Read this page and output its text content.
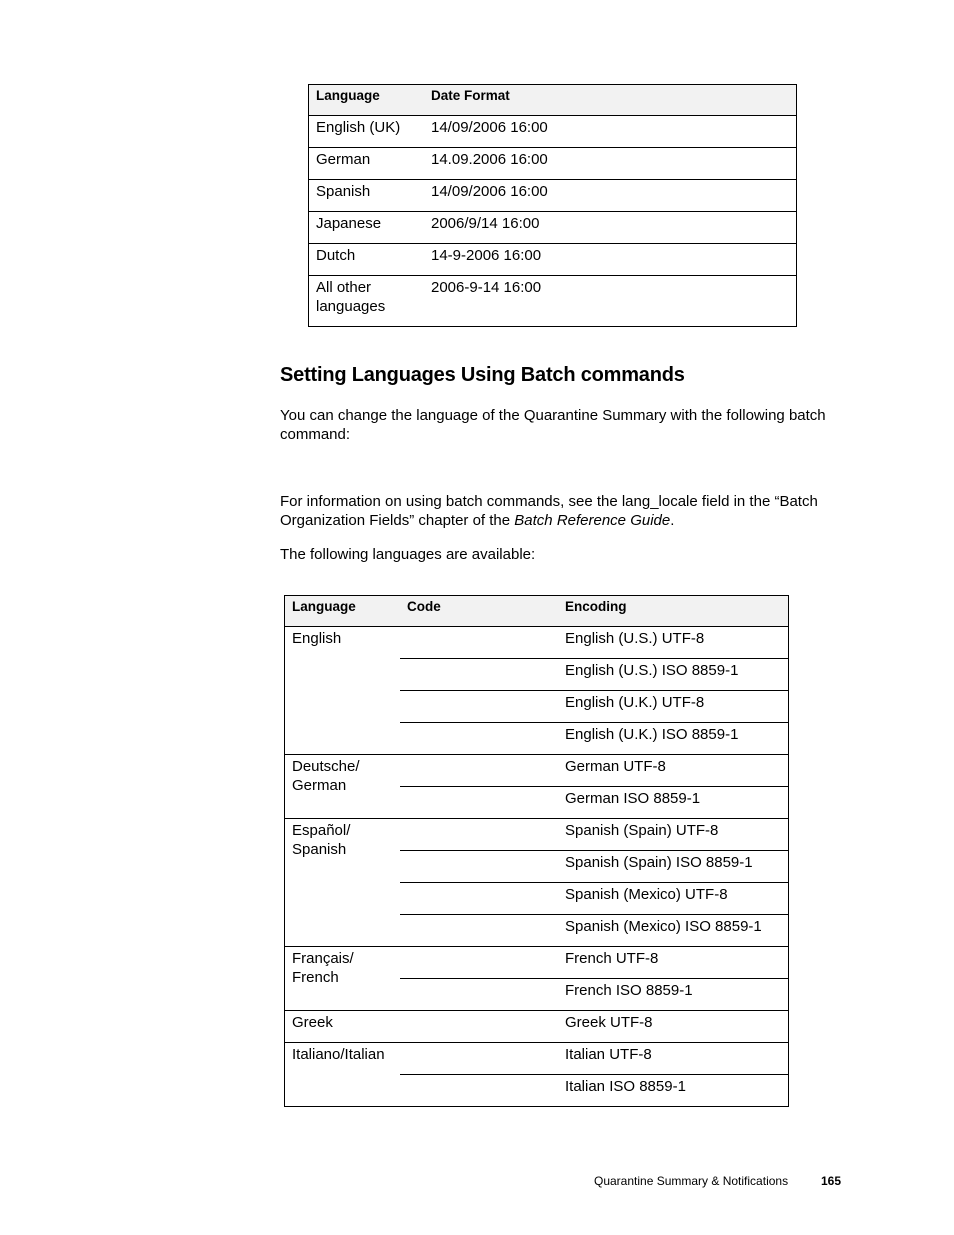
Language	Date Format
English (UK)	14/09/2006 16:00
German	14.09.2006 16:00
Spanish	14/09/2006 16:00
Japanese	2006/9/14 16:00
Dutch	14-9-2006 16:00
All other languages	2006-9-14 16:00
Setting Languages Using Batch commands

You can change the language of the Quarantine Summary with the following batch command:

For information on using batch commands, see the lang_locale field in the “Batch Organization Fields” chapter of the Batch Reference Guide.

The following languages are available:

Language	Code	Encoding
English		English (U.S.) UTF-8
		English (U.S.) ISO 8859-1
		English (U.K.) UTF-8
		English (U.K.) ISO 8859-1
Deutsche/ German		German UTF-8
		German ISO 8859-1
Español/ Spanish		Spanish (Spain) UTF-8
		Spanish (Spain) ISO 8859-1
		Spanish (Mexico) UTF-8
		Spanish (Mexico) ISO 8859-1
Français/ French		French UTF-8
		French ISO 8859-1
Greek		Greek UTF-8
Italiano/Italian		Italian UTF-8
		Italian ISO 8859-1
Quarantine Summary & Notifications	165
